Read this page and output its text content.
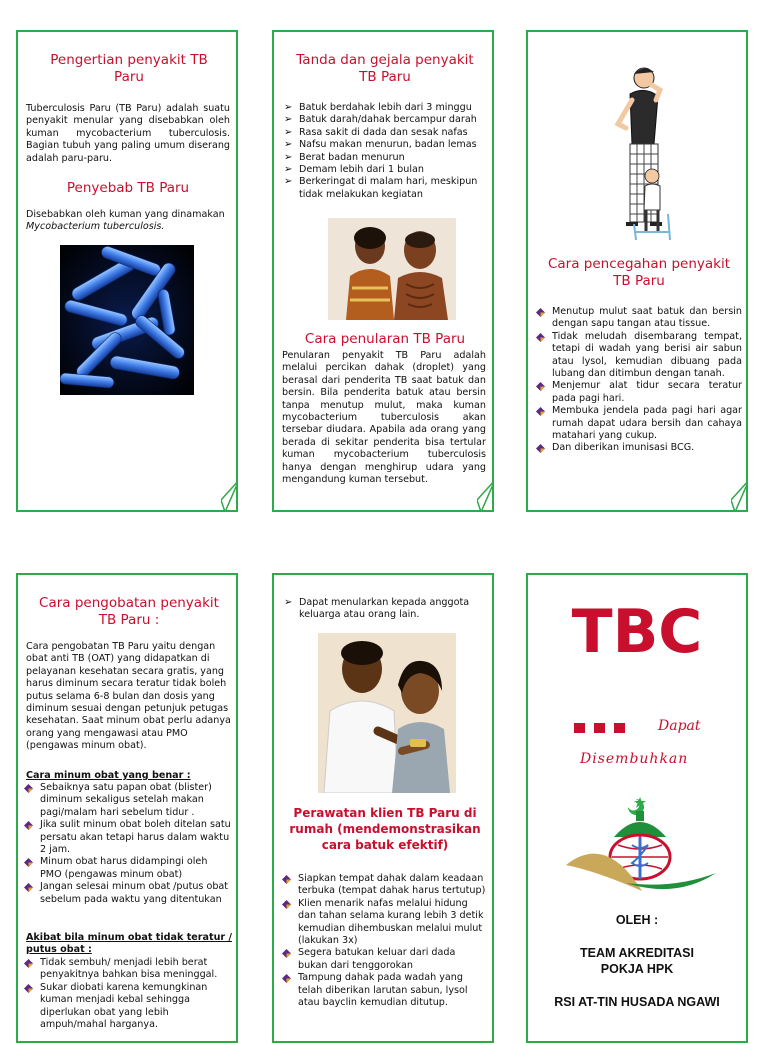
Pengertian penyakit TB Paru
Tuberculosis Paru (TB Paru) adalah suatu penyakit menular yang disebabkan oleh kuman mycobacterium tuberculosis. Bagian tubuh yang paling umum diserang adalah paru-paru.
Penyebab TB Paru
Disebabkan oleh kuman yang dinamakan Mycobacterium tuberculosis.
Tanda dan gejala penyakit TB Paru
➢ Batuk berdahak lebih dari 3 minggu
➢ Batuk darah/dahak bercampur darah
➢ Rasa sakit di dada dan sesak nafas
➢ Nafsu makan menurun, badan lemas
➢ Berat badan menurun
➢ Demam lebih dari 1 bulan
➢ Berkeringat di malam hari, meskipun tidak melakukan kegiatan
Cara penularan TB Paru
Penularan penyakit TB Paru adalah melalui percikan dahak (droplet) yang berasal dari penderita TB saat batuk dan bersin. Bila penderita batuk atau bersin tanpa menutup mulut, maka kuman mycobacterium tuberculosis akan tersebar diudara. Apabila ada orang yang berada di sekitar penderita bisa tertular kuman mycobacterium tuberculosis hanya dengan menghirup udara yang mengandung kuman tersebut.
Cara pencegahan penyakit TB Paru
Menutup mulut saat batuk dan bersin dengan sapu tangan atau tissue.
Tidak meludah disembarang tempat, tetapi di wadah yang berisi air sabun atau lysol, kemudian dibuang pada lubang dan ditimbun dengan tanah.
Menjemur alat tidur secara teratur pada pagi hari.
Membuka jendela pada pagi hari agar rumah dapat udara bersih dan cahaya matahari yang cukup.
Dan diberikan imunisasi BCG.
Cara pengobatan penyakit TB Paru :
Cara pengobatan TB Paru yaitu dengan obat anti TB (OAT) yang didapatkan di pelayanan kesehatan secara gratis, yang harus diminum secara teratur tidak boleh putus selama 6-8 bulan dan dosis yang diminum sesuai dengan petunjuk petugas kesehatan. Saat minum obat perlu adanya orang yang mengawasi atau PMO (pengawas minum obat).
Cara minum obat yang benar :
Sebaiknya satu papan obat (blister) diminum sekaligus setelah makan pagi/malam hari sebelum tidur .
Jika sulit minum obat boleh ditelan satu persatu akan tetapi harus dalam waktu 2 jam.
Minum obat harus didampingi oleh PMO (pengawas minum obat)
Jangan selesai minum obat /putus obat sebelum pada waktu yang ditentukan
Akibat bila minum obat tidak teratur / putus obat :
Tidak sembuh/ menjadi lebih berat penyakitnya bahkan bisa meninggal.
Sukar diobati karena kemungkinan kuman menjadi kebal sehingga diperlukan obat yang lebih ampuh/mahal harganya.
➢ Dapat menularkan kepada anggota keluarga atau orang lain.
Perawatan klien TB Paru di rumah (mendemonstrasikan cara batuk efektif)
Siapkan tempat dahak dalam keadaan terbuka (tempat dahak harus tertutup)
Klien menarik nafas melalui hidung dan tahan selama kurang lebih 3 detik kemudian dihembuskan melalui mulut (lakukan 3x)
Segera batukan keluar dari dada bukan dari tenggorokan
Tampung dahak pada wadah yang telah diberikan larutan sabun, lysol atau bayclin kemudian ditutup.
TBC
Dapat
Disembuhkan
OLEH :
TEAM AKREDITASI
POKJA HPK
RSI AT-TIN HUSADA NGAWI
